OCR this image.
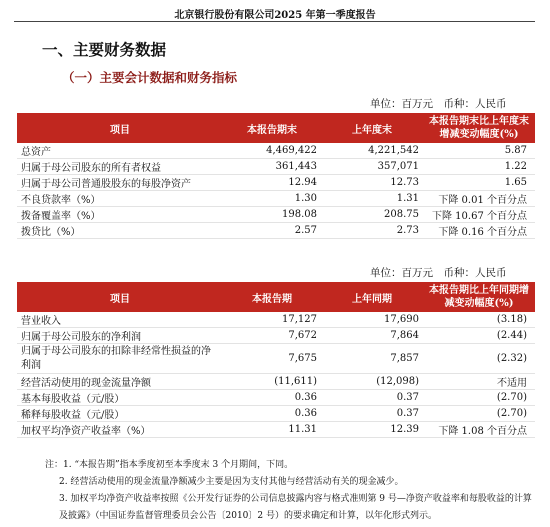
北京银行股份有限公司2025 年第一季度报告
一、主要财务数据
（一）主要会计数据和财务指标
单位：百万元　币种：人民币
项目	本报告期末	上年度末	本报告期末比上年度末增减变动幅度(%)
总资产	4,469,422	4,221,542	5.87
归属于母公司股东的所有者权益	361,443	357,071	1.22
归属于母公司普通股股东的每股净资产	12.94	12.73	1.65
不良贷款率（%）	1.30	1.31	下降 0.01 个百分点
拨备覆盖率（%）	198.08	208.75	下降 10.67 个百分点
拨贷比（%）	2.57	2.73	下降 0.16 个百分点
单位：百万元　币种：人民币
项目	本报告期	上年同期	本报告期比上年同期增减变动幅度(%)
营业收入	17,127	17,690	(3.18)
归属于母公司股东的净利润	7,672	7,864	(2.44)
归属于母公司股东的扣除非经常性损益的净利润	7,675	7,857	(2.32)
经营活动使用的现金流量净额	(11,611)	(12,098)	不适用
基本每股收益（元/股）	0.36	0.37	(2.70)
稀释每股收益（元/股）	0.36	0.37	(2.70)
加权平均净资产收益率（%）	11.31	12.39	下降 1.08 个百分点
注：1. “本报告期”指本季度初至本季度末 3 个月期间，下同。
2. 经营活动使用的现金流量净额减少主要是因为支付其他与经营活动有关的现金减少。
3. 加权平均净资产收益率按照《公开发行证券的公司信息披露内容与格式准则第 9 号—净资产收益率和每股收益的计算及披露》（中国证券监督管理委员会公告〔2010〕2 号）的要求确定和计算，以年化形式列示。
